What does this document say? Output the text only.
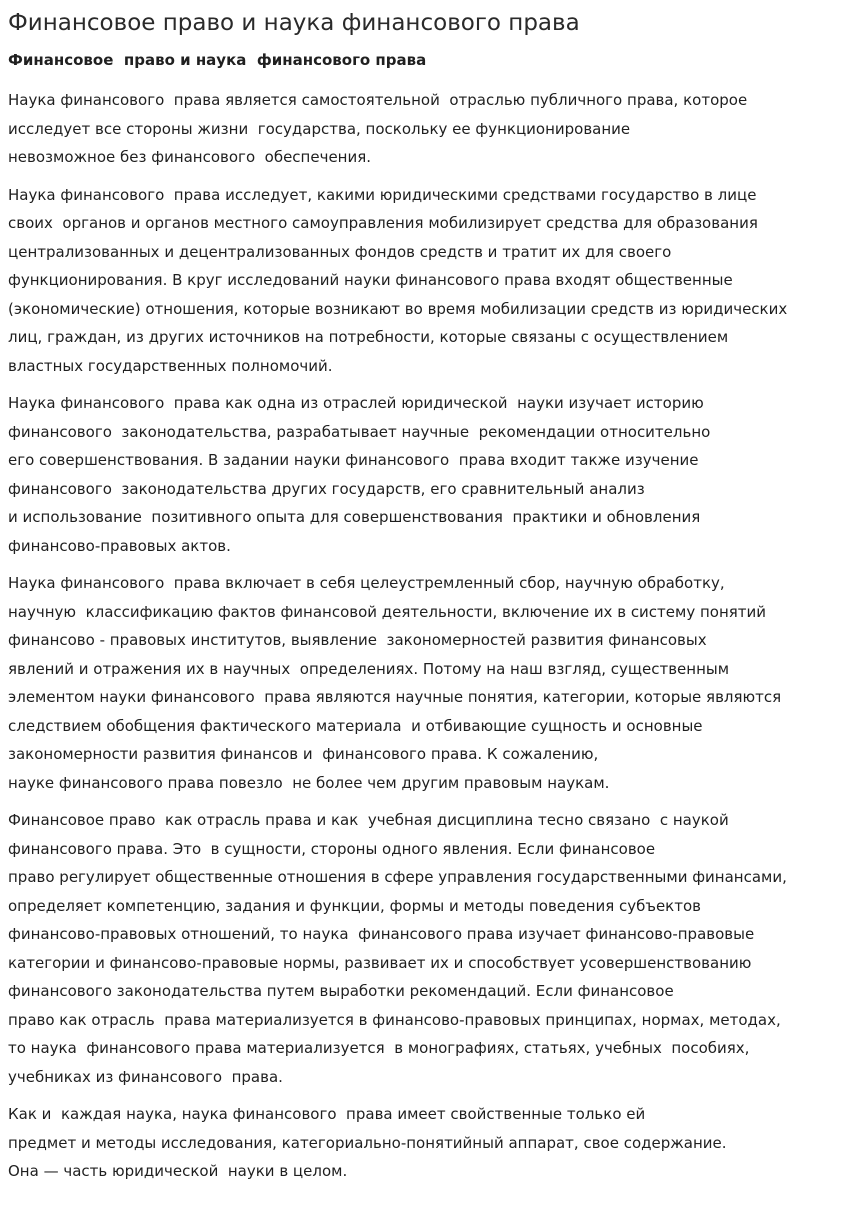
Финансовое право и наука финансового права
Финансовое  право и наука  финансового права

Наука финансового  права является самостоятельной  отраслью публичного права, которое
исследует все стороны жизни  государства, поскольку ее функционирование
невозможное без финансового  обеспечения.

Наука финансового  права исследует, какими юридическими средствами государство в лице
своих  органов и органов местного самоуправления мобилизирует средства для образования
централизованных и децентрализованных фондов средств и тратит их для своего
функционирования. В круг исследований науки финансового права входят общественные
(экономические) отношения, которые возникают во время мобилизации средств из юридических
лиц, граждан, из других источников на потребности, которые связаны с осуществлением
властных государственных полномочий.

Наука финансового  права как одна из отраслей юридической  науки изучает историю
финансового  законодательства, разрабатывает научные  рекомендации относительно
его совершенствования. В задании науки финансового  права входит также изучение
финансового  законодательства других государств, его сравнительный анализ
и использование  позитивного опыта для совершенствования  практики и обновления
финансово-правовых актов.

Наука финансового  права включает в себя целеустремленный сбор, научную обработку,
научную  классификацию фактов финансовой деятельности, включение их в систему понятий
финансово - правовых институтов, выявление  закономерностей развития финансовых
явлений и отражения их в научных  определениях. Потому на наш взгляд, существенным
элементом науки финансового  права являются научные понятия, категории, которые являются
следствием обобщения фактического материала  и отбивающие сущность и основные
закономерности развития финансов и  финансового права. К сожалению,
науке финансового права повезло  не более чем другим правовым наукам.

Финансовое право  как отрасль права и как  учебная дисциплина тесно связано  с наукой
финансового права. Это  в сущности, стороны одного явления. Если финансовое
право регулирует общественные отношения в сфере управления государственными финансами,
определяет компетенцию, задания и функции, формы и методы поведения субъектов
финансово-правовых отношений, то наука  финансового права изучает финансово-правовые
категории и финансово-правовые нормы, развивает их и способствует усовершенствованию
финансового законодательства путем выработки рекомендаций. Если финансовое
право как отрасль  права материализуется в финансово-правовых принципах, нормах, методах,
то наука  финансового права материализуется  в монографиях, статьях, учебных  пособиях,
учебниках из финансового  права.

Как и  каждая наука, наука финансового  права имеет свойственные только ей
предмет и методы исследования, категориально-понятийный аппарат, свое содержание.
Она — часть юридической  науки в целом.
